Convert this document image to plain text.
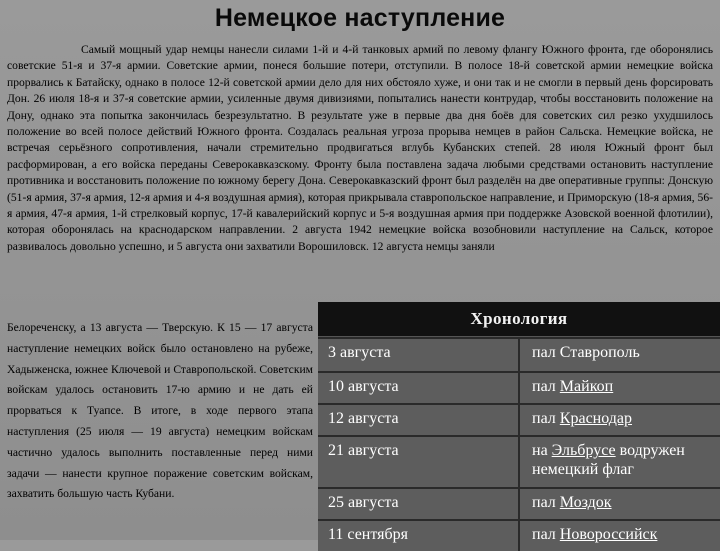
Немецкое наступление
Самый мощный удар немцы нанесли силами 1-й и 4-й танковых армий по левому флангу Южного фронта, где оборонялись советские 51-я и 37-я армии. Советские армии, понеся большие потери, отступили. В полосе 18-й советской армии немецкие войска прорвались к Батайску, однако в полосе 12-й советской армии дело для них обстояло хуже, и они так и не смогли в первый день форсировать Дон. 26 июля 18-я и 37-я советские армии, усиленные двумя дивизиями, попытались нанести контрудар, чтобы восстановить положение на Дону, однако эта попытка закончилась безрезультатно. В результате уже в первые два дня боёв для советских сил резко ухудшилось положение во всей полосе действий Южного фронта. Создалась реальная угроза прорыва немцев в район Сальска. Немецкие войска, не встречая серьёзного сопротивления, начали стремительно продвигаться вглубь Кубанских степей. 28 июля Южный фронт был расформирован, а его войска переданы Северокавказскому. Фронту была поставлена задача любыми средствами остановить наступление противника и восстановить положение по южному берегу Дона. Северокавказский фронт был разделён на две оперативные группы: Донскую (51-я армия, 37-я армия, 12-я армия и 4-я воздушная армия), которая прикрывала ставропольское направление, и Приморскую (18-я армия, 56-я армия, 47-я армия, 1-й стрелковый корпус, 17-й кавалерийский корпус и 5-я воздушная армия при поддержке Азовской военной флотилии), которая оборонялась на краснодарском направлении. 2 августа 1942 немецкие войска возобновили наступление на Сальск, которое развивалось довольно успешно, и 5 августа они захватили Ворошиловск. 12 августа немцы заняли
Белореченску, а 13 августа — Тверскую. К 15 — 17 августа наступление немецких войск было остановлено на рубеже, Хадыженска, южнее Ключевой и Ставропольской. Советским войскам удалось остановить 17-ю армию и не дать ей прорваться к Туапсе. В итоге, в ходе первого этапа наступления (25 июля — 19 августа) немецким войскам частично удалось выполнить поставленные перед ними задачи — нанести крупное поражение советским войскам, захватить большую часть Кубани.
Хронология
3 августа	пал Ставрополь
10 августа	пал Майкоп
12 августа	пал Краснодар
21 августа	на Эльбрусе водружен немецкий флаг
25 августа	пал Моздок
11 сентября	пал Новороссийск
